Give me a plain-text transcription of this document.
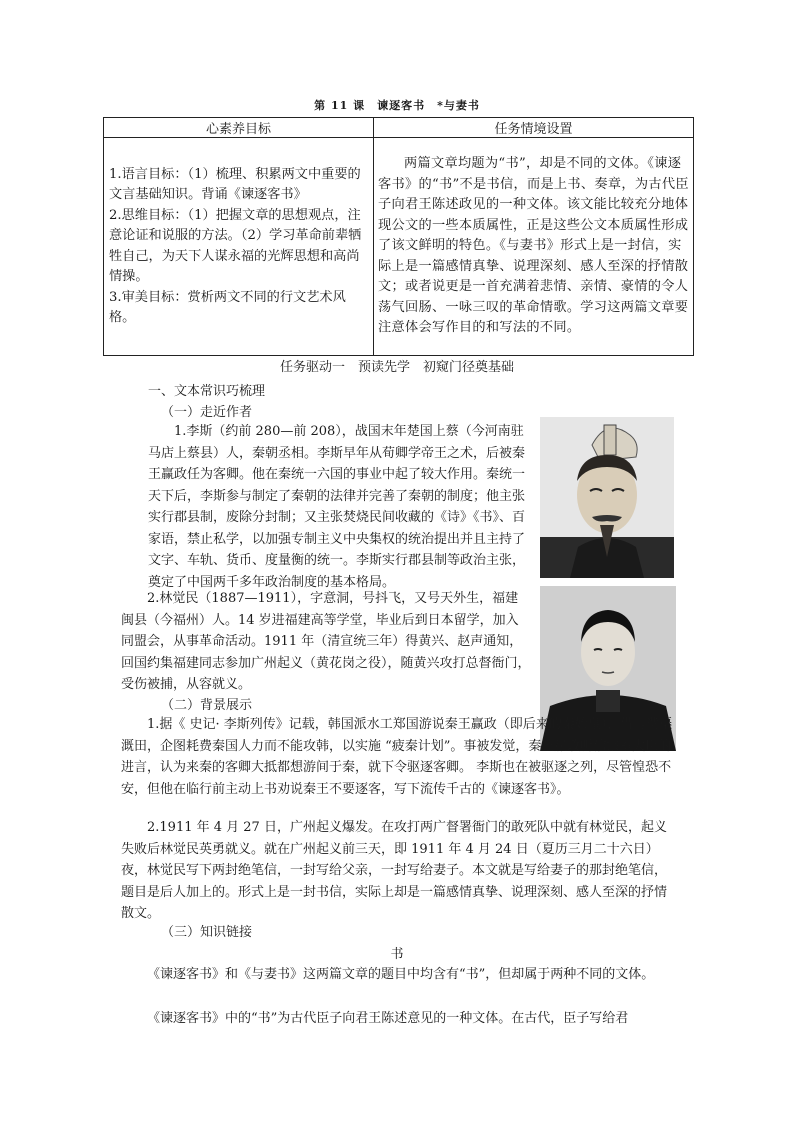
第 11 课　谏逐客书　*与妻书
心素养目标	任务情境设置

1.语言目标：（1）梳理、积累两文中重要的文言基础知识。背诵《谏逐客书》
2.思维目标：（1）把握文章的思想观点，注意论证和说服的方法。（2）学习革命前辈牺牲自己，为天下人谋永福的光辉思想和高尚情操。
3.审美目标：赏析两文不同的行文艺术风格。	两篇文章均题为“书”，却是不同的文体。《谏逐客书》的“书”不是书信，而是上书、奏章，为古代臣子向君王陈述政见的一种文体。该文能比较充分地体现公文的一些本质属性，正是这些公文本质属性形成了该文鲜明的特色。《与妻书》形式上是一封信，实际上是一篇感情真挚、说理深刻、感人至深的抒情散文；或者说更是一首充满着悲情、亲情、豪情的令人荡气回肠、一咏三叹的革命情歌。学习这两篇文章要注意体会写作目的和写法的不同。

任务驱动一　预读先学　初窥门径奠基础
一、文本常识巧梳理
（一）走近作者

1.李斯（约前 280—前 208），战国末年楚国上蔡（今河南驻马店上蔡县）人，秦朝丞相。李斯早年从荀卿学帝王之术，后被秦王赢政任为客卿。他在秦统一六国的事业中起了较大作用。秦统一天下后，李斯参与制定了秦朝的法律并完善了秦朝的制度；他主张实行郡县制，废除分封制；又主张焚烧民间收藏的《诗》《书》、百家语，禁止私学，以加强专制主义中央集权的统治提出并且主持了文字、车轨、货币、度量衡的统一。李斯实行郡县制等政治主张，奠定了中国两千多年政治制度的基本格局。

2.林觉民（1887—1911），字意洞，号抖飞，又号天外生，福建闽县（今福州）人。14 岁进福建高等学堂，毕业后到日本留学，加入同盟会，从事革命活动。1911 年（清宣统三年）得黄兴、赵声通知，回国约集福建同志参加广州起义（黄花岗之役），随黄兴攻打总督衙门，受伤被捕，从容就义。

（二）背景展示

1.据《 史记· 李斯列传》记载，韩国派水工郑国游说秦王赢政（即后来的秦始皇），借言凿渠溉田，企图耗费秦国人力而不能攻韩，以实施 “疲秦计划”。事被发觉，秦王赢政听信宗室大臣的进言，认为来秦的客卿大抵都想游间于秦，就下令驱逐客卿。 李斯也在被驱逐之列，尽管惶恐不安，但他在临行前主动上书劝说秦王不要逐客，写下流传千古的《谏逐客书》。

2.1911 年 4 月 27 日，广州起义爆发。在攻打两广督署衙门的敢死队中就有林觉民，起义失败后林觉民英勇就义。就在广州起义前三天，即 1911 年 4 月 24 日（夏历三月二十六日）夜，林觉民写下两封绝笔信，一封写给父亲，一封写给妻子。本文就是写给妻子的那封绝笔信，题目是后人加上的。形式上是一封书信，实际上却是一篇感情真挚、说理深刻、感人至深的抒情散文。

（三）知识链接
书

《谏逐客书》和《与妻书》这两篇文章的题目中均含有“书”，但却属于两种不同的文体。

《谏逐客书》中的“书”为古代臣子向君王陈述意见的一种文体。在古代，臣子写给君
